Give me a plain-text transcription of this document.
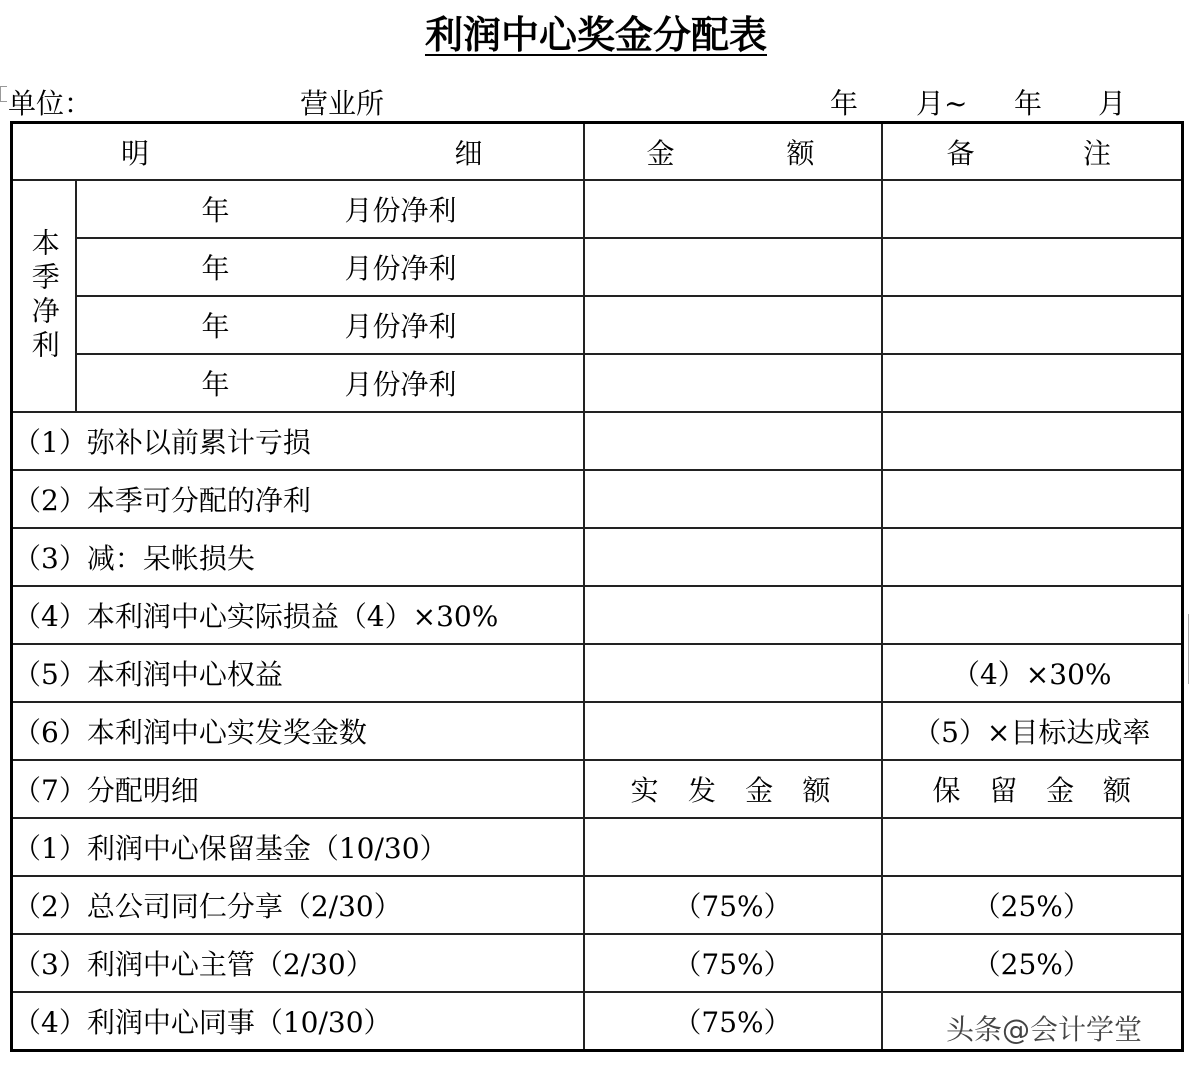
利润中心奖金分配表
单位：	营业所	年 月~ 年 月
明 细		金 额	备 注

本季净利	年 月份净利		

	年 月份净利		

	年 月份净利		

	年 月份净利		

（1）弥补以前累计亏损			
（2）本季可分配的净利			
（3）减：呆帐损失			
（4）本利润中心实际损益（4）×30%			
（5）本利润中心权益			（4）×30%
（6）本利润中心实发奖金数			（5）×目标达成率
（7）分配明细		实 发 金 额	保 留 金 额

（1）利润中心保留基金（10/30）			
（2）总公司同仁分享（2/30）		（75%）	（25%）
（3）利润中心主管（2/30）		（75%）	（25%）
（4）利润中心同事（10/30）		（75%）		头条@会计学堂
